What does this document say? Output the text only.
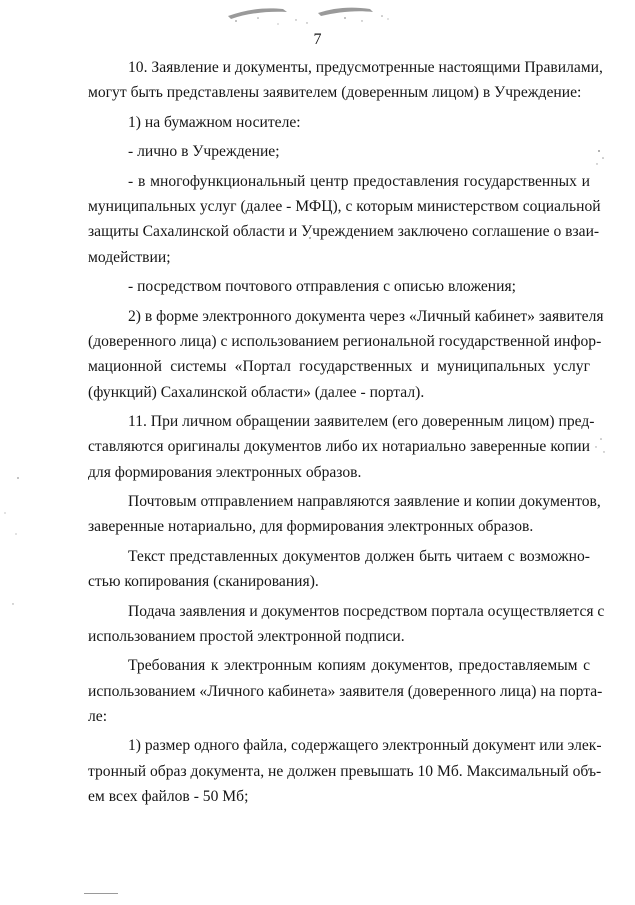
7
10. Заявление и документы, предусмотренные настоящими Правилами,
могут быть представлены заявителем (доверенным лицом) в Учреждение:
1) на бумажном носителе:
- лично в Учреждение;
- в многофункциональный центр предоставления государственных и
муниципальных услуг (далее - МФЦ), с которым министерством социальной
защиты Сахалинской области и Учреждением заключено соглашение о взаи-
модействии;
- посредством почтового отправления с описью вложения;
2) в форме электронного документа через «Личный кабинет» заявителя
(доверенного лица) с использованием региональной государственной инфор-
мационной системы «Портал государственных и муниципальных услуг
(функций) Сахалинской области» (далее - портал).
11. При личном обращении заявителем (его доверенным лицом) пред-
ставляются оригиналы документов либо их нотариально заверенные копии
для формирования электронных образов.
Почтовым отправлением направляются заявление и копии документов,
заверенные нотариально, для формирования электронных образов.
Текст представленных документов должен быть читаем с возможно-
стью копирования (сканирования).
Подача заявления и документов посредством портала осуществляется с
использованием простой электронной подписи.
Требования к электронным копиям документов, предоставляемым с
использованием «Личного кабинета» заявителя (доверенного лица) на порта-
ле:
1) размер одного файла, содержащего электронный документ или элек-
тронный образ документа, не должен превышать 10 Мб. Максимальный объ-
ем всех файлов - 50 Мб;
